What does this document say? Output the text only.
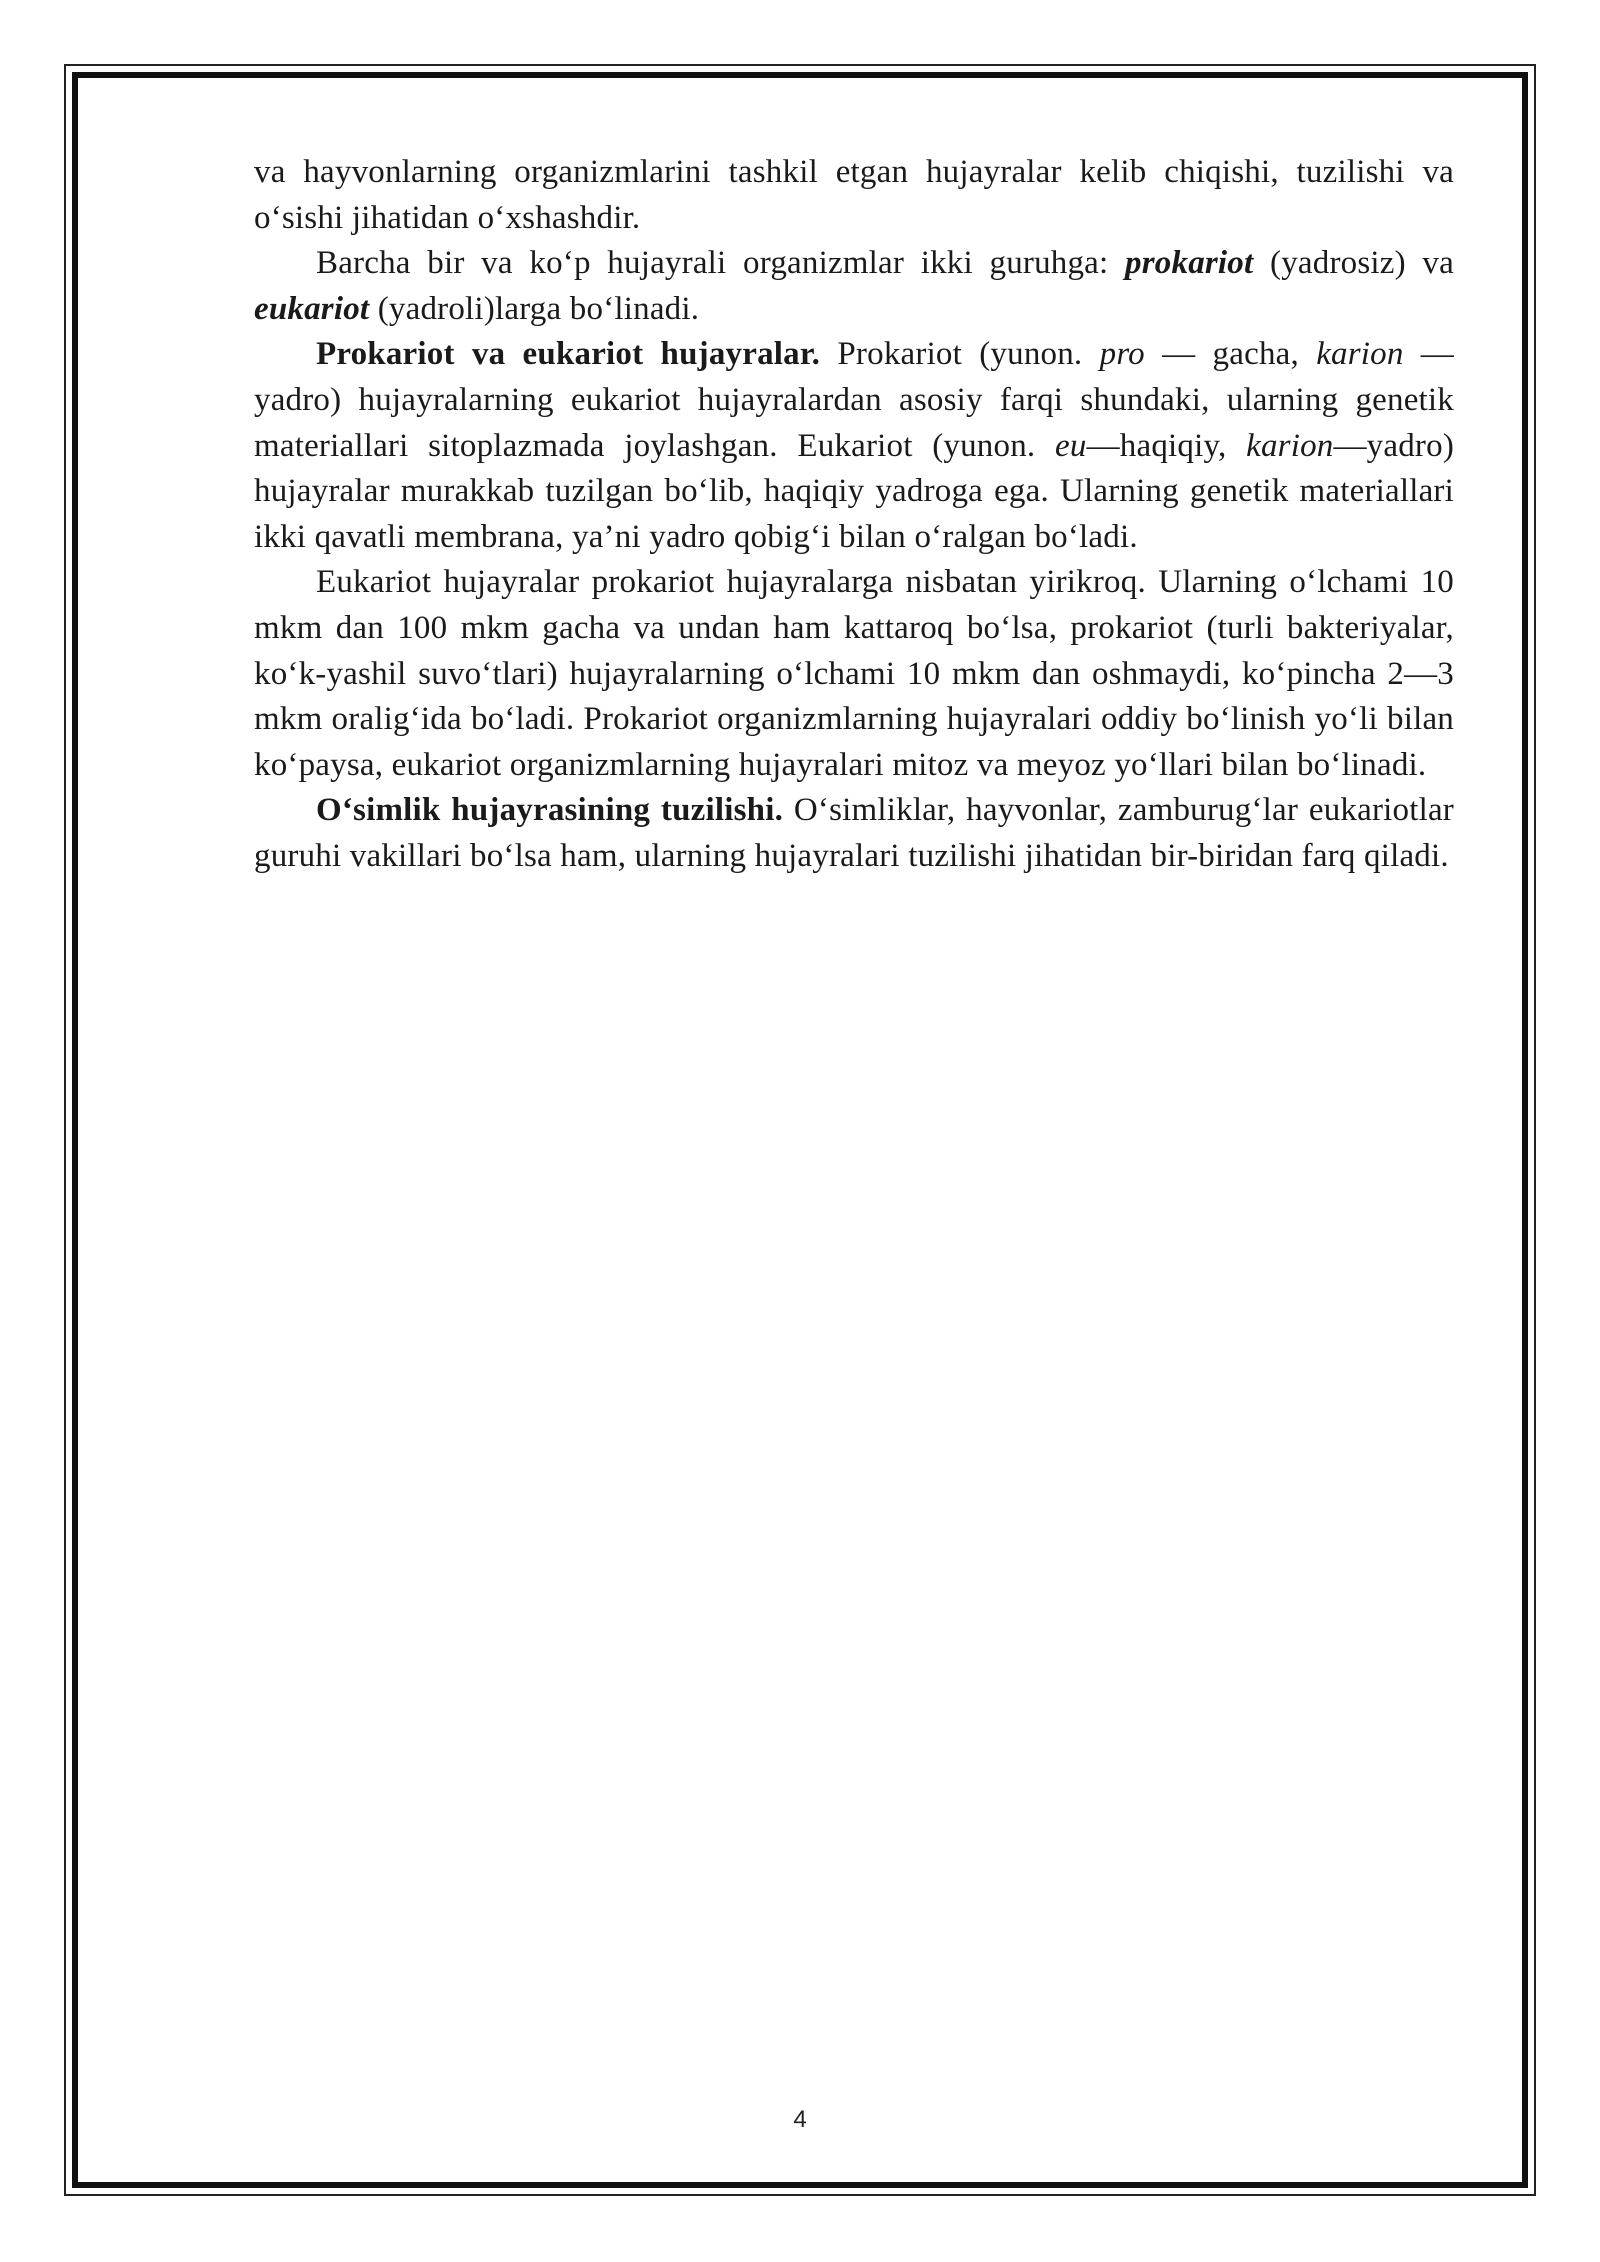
va hayvonlarning organizmlarini tashkil etgan hujayralar kelib chiqishi, tuzilishi va o‘sishi jihatidan o‘xshashdir.

Barcha bir va ko‘p hujayrali organizmlar ikki guruhga: prokariot (yadrosiz) va eukariot (yadroli)larga bo‘linadi.

Prokariot va eukariot hujayralar. Prokariot (yunon. pro — gacha, karion — yadro) hujayralarning eukariot hujayralardan asosiy farqi shundaki, ularning genetik materiallari sitoplazmada joylashgan. Eukariot (yunon. eu—haqiqiy, karion—yadro) hujayralar murakkab tuzilgan bo‘lib, haqiqiy yadroga ega. Ularning genetik materiallari ikki qavatli membrana, ya’ni yadro qobig‘i bilan o‘ralgan bo‘ladi.

Eukariot hujayralar prokariot hujayralarga nisbatan yirikroq. Ularning o‘lchami 10 mkm dan 100 mkm gacha va undan ham kattaroq bo‘lsa, prokariot (turli bakteriyalar, ko‘k-yashil suvo‘tlari) hujayralarning o‘lchami 10 mkm dan oshmaydi, ko‘pincha 2—3 mkm oralig‘ida bo‘ladi. Prokariot organizmlarning hujayralari oddiy bo‘linish yo‘li bilan ko‘paysa, eukariot organizmlarning hujayralari mitoz va meyoz yo‘llari bilan bo‘linadi.

O‘simlik hujayrasining tuzilishi. O‘simliklar, hayvonlar, zamburug‘lar eukariotlar guruhi vakillari bo‘lsa ham, ularning hujayralari tuzilishi jihatidan bir-biridan farq qiladi.

4
